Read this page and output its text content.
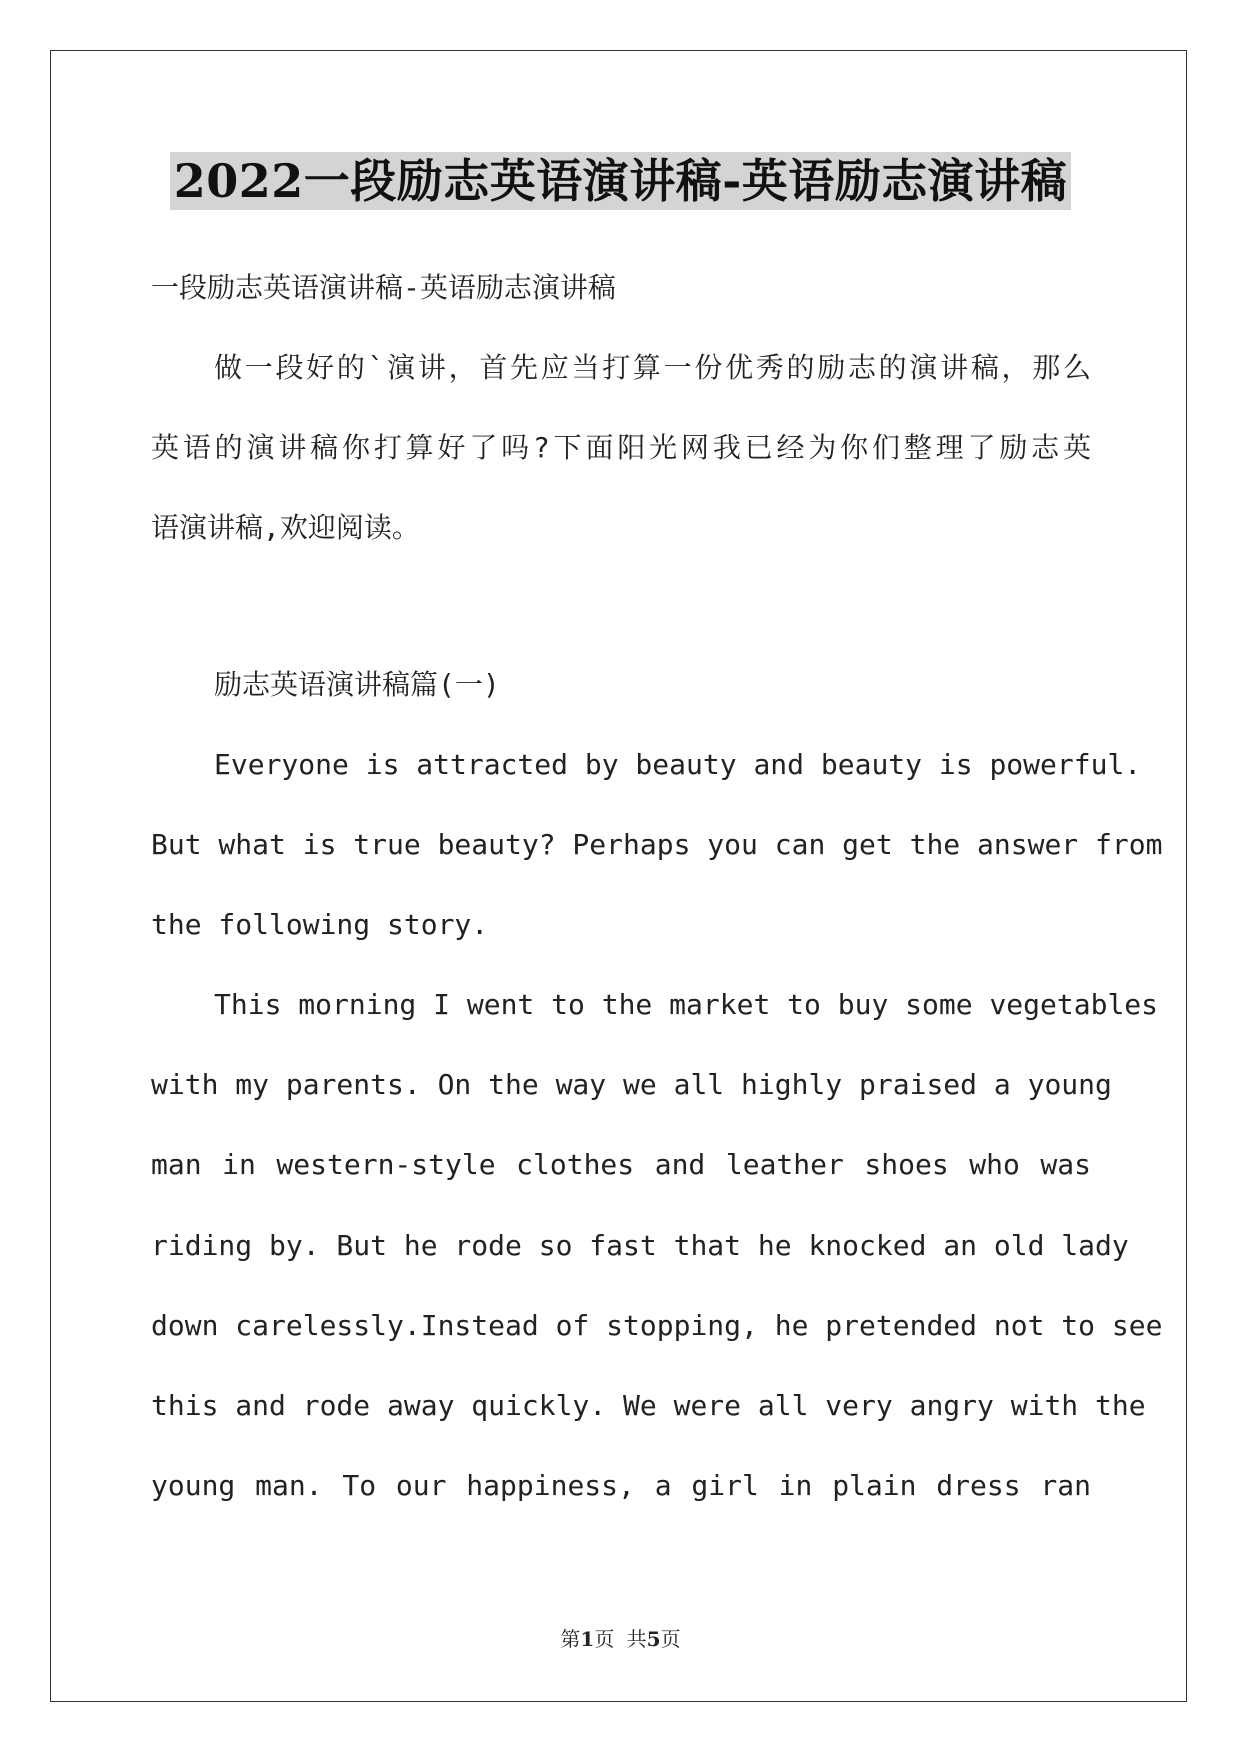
2022一段励志英语演讲稿-英语励志演讲稿
一段励志英语演讲稿-英语励志演讲稿
做一段好的`演讲，首先应当打算一份优秀的励志的演讲稿，那么
英语的演讲稿你打算好了吗?下面阳光网我已经为你们整理了励志英
语演讲稿,欢迎阅读。
励志英语演讲稿篇(一)
Everyone is attracted by beauty and beauty is powerful.
But what is true beauty? Perhaps you can get the answer from
the following story.
This morning I went to the market to buy some vegetables
with my parents. On the way we all highly praised a young
man in western-style clothes and leather shoes who was
riding by. But he rode so fast that he knocked an old lady
down carelessly.Instead of stopping, he pretended not to see
this and rode away quickly. We were all very angry with the
young man. To our happiness, a girl in plain dress ran
第1页 共5页
